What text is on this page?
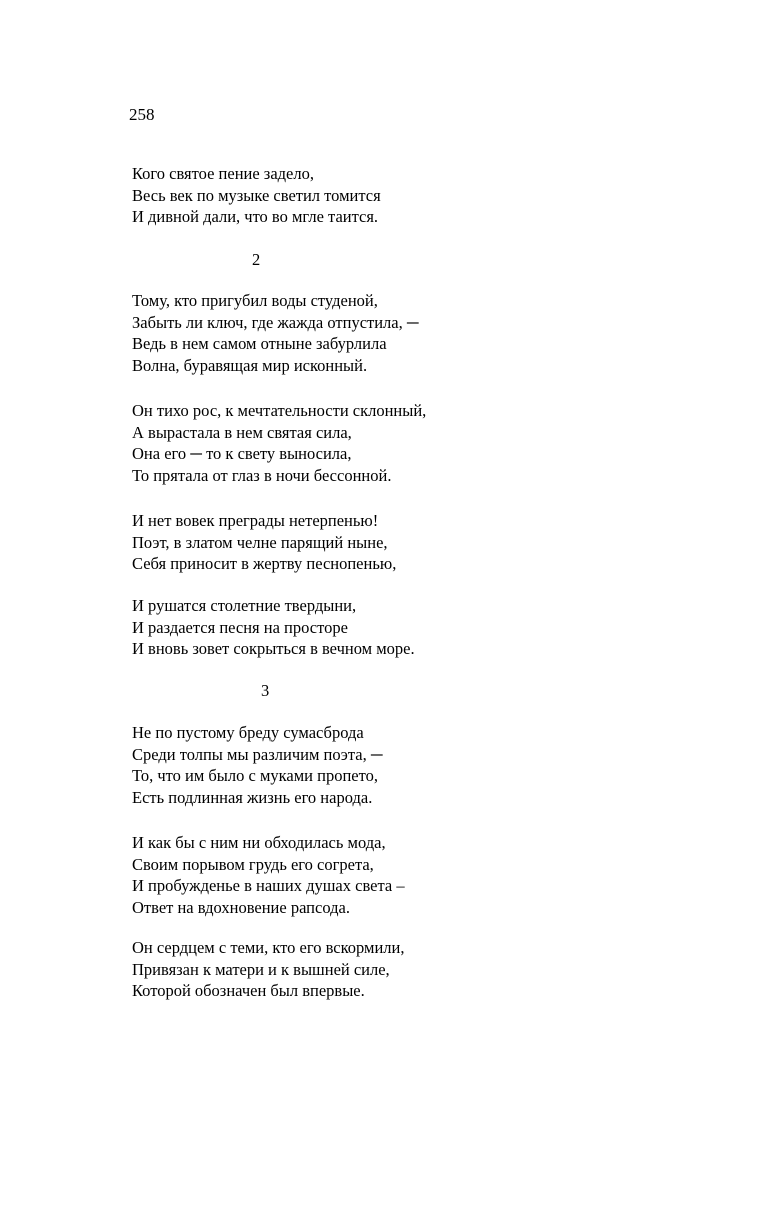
258

Кого святое пение задело,
Весь век по музыке светил томится
И дивной дали, что во мгле таится.

2

Тому, кто пригубил воды студеной,
Забыть ли ключ, где жажда отпустила, ─
Ведь в нем самом отныне забурлила
Волна, буравящая мир исконный.
Он тихо рос, к мечтательности склонный,
А вырастала в нем святая сила,
Она его ─ то к свету выносила,
То прятала от глаз в ночи бессонной.
И нет вовек преграды нетерпенью!
Поэт, в златом челне парящий ныне,
Себя приносит в жертву песнопенью,
И рушатся столетние твердыни,
И раздается песня на просторе
И вновь зовет сокрыться в вечном море.

3

Не по пустому бреду сумасброда
Среди толпы мы различим поэта, ─
То, что им было с муками пропето,
Есть подлинная жизнь его народа.
И как бы с ним ни обходилась мода,
Своим порывом грудь его согрета,
И пробужденье в наших душах света –
Ответ на вдохновение рапсода.
Он сердцем с теми, кто его вскормили,
Привязан к матери и к вышней силе,
Которой обозначен был впервые.
